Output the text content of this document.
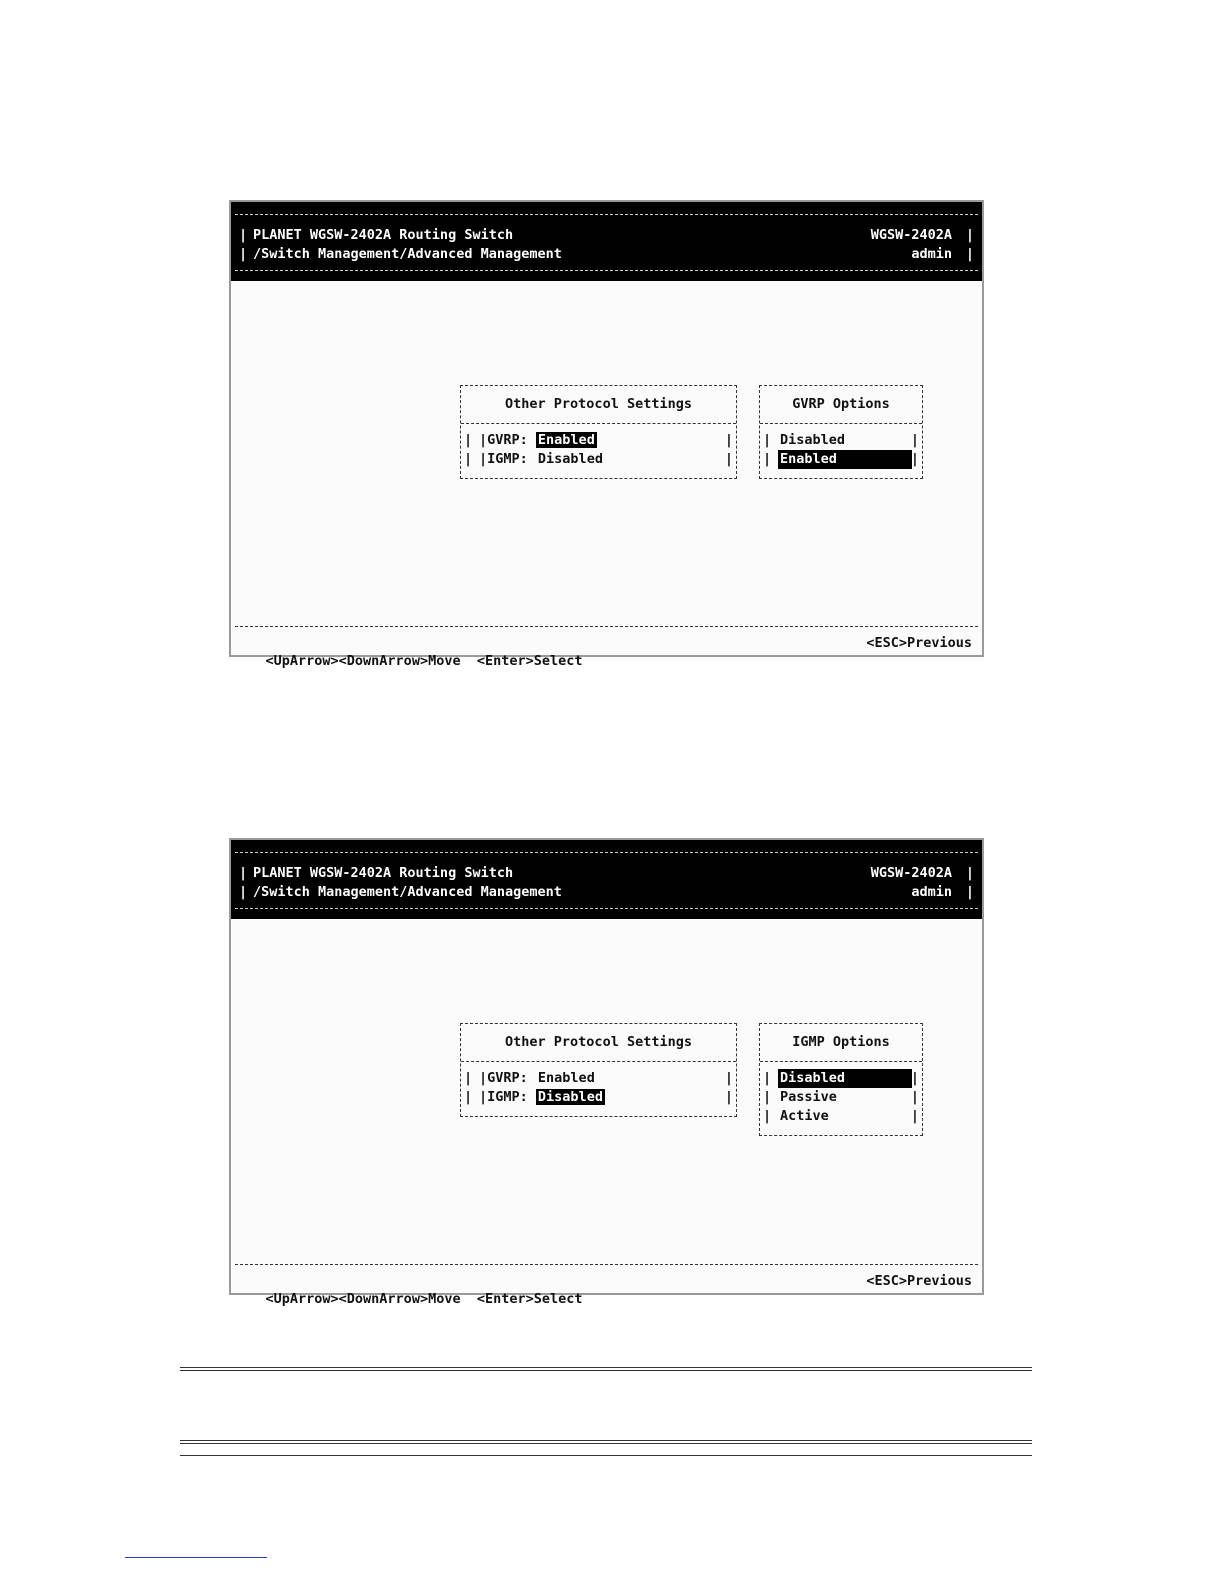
|

PLANET WGSW-2402A Routing Switch

	WGSW-2402A

|

|

/Switch Management/Advanced Management

	admin

|

Other Protocol Settings

|

|GVRP: Enabled

	|

|

|IGMP: Disabled

	|

GVRP Options

|

Disabled

	|

|

Enabled

	|

<UpArrow><DownArrow>Move <Enter>Select

<ESC>Previous

|

PLANET WGSW-2402A Routing Switch

	WGSW-2402A

|

|

/Switch Management/Advanced Management

	admin

|

Other Protocol Settings

|

|GVRP: Enabled

	|

|

|IGMP: Disabled

	|

IGMP Options

|

Disabled

	|

|

Passive

	|

|

Active

	|

<UpArrow><DownArrow>Move <Enter>Select

<ESC>Previous
